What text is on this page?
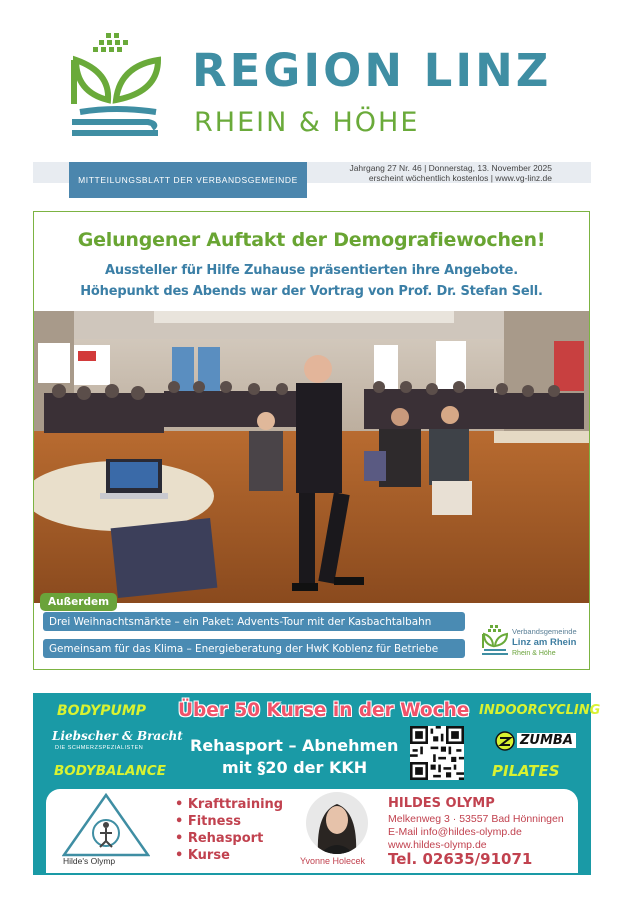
REGION LINZ
RHEIN & HÖHE
MITTEILUNGSBLATT DER VERBANDSGEMEINDE
Jahrgang 27 Nr. 46 | Donnerstag, 13. November 2025
erscheint wöchentlich kostenlos | www.vg-linz.de
Gelungener Auftakt der Demografiewochen!
Aussteller für Hilfe Zuhause präsentierten ihre Angebote.
Höhepunkt des Abends war der Vortrag von Prof. Dr. Stefan Sell.
Außerdem
Drei Weihnachtsmärkte – ein Paket: Advents-Tour mit der Kasbachtalbahn
Gemeinsam für das Klima – Energieberatung der HwK Koblenz für Betriebe
Verbandsgemeinde
Linz am Rhein
Rhein & Höhe
BODYPUMP	INDOORCYCLING
BODYBALANCE	PILATES
Über 50 Kurse in der Woche
Rehasport – Abnehmen
mit §20 der KKH
Liebscher & Bracht
DIE SCHMERZSPEZIALISTEN	ZUMBA
Hilde's Olymp
• Krafttraining
• Fitness
• Rehasport
• Kurse	Yvonne Holecek
HILDES OLYMP
Melkenweg 3 · 53557 Bad Hönningen
E-Mail info@hildes-olymp.de
www.hildes-olymp.de
Tel. 02635/91071
